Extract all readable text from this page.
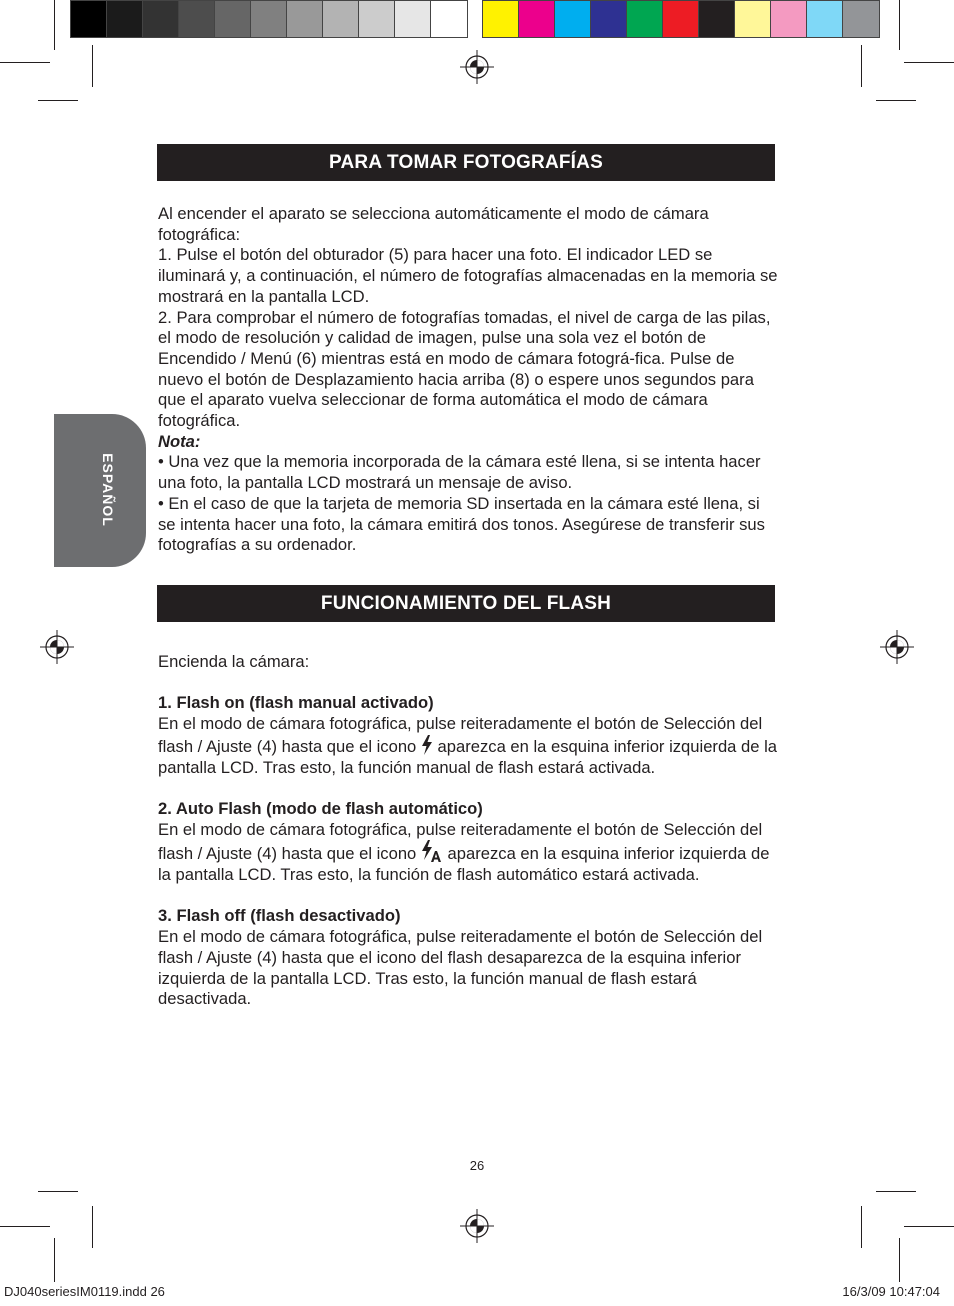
ESPAÑOL
PARA TOMAR FOTOGRAFÍAS

Al encender el aparato se selecciona automáticamente el modo de cámara fotográfica:

1. Pulse el botón del obturador (5) para hacer una foto. El indicador LED se iluminará y, a continuación, el número de fotografías almacenadas en la memoria se mostrará en la pantalla LCD.

2. Para comprobar el número de fotografías tomadas, el nivel de carga de las pilas, el modo de resolución y calidad de imagen, pulse una sola vez el botón de Encendido / Menú (6) mientras está en modo de cámara fotográ-fica. Pulse de nuevo el botón de Desplazamiento hacia arriba (8) o espere unos segundos para que el aparato vuelva seleccionar de forma automática el modo de cámara fotográfica.

Nota:

• Una vez que la memoria incorporada de la cámara esté llena, si se intenta hacer una foto, la pantalla LCD mostrará un mensaje de aviso.

• En el caso de que la tarjeta de memoria SD insertada en la cámara esté llena, si se intenta hacer una foto, la cámara emitirá dos tonos. Asegúrese de transferir sus fotografías a su ordenador.

FUNCIONAMIENTO DEL FLASH

Encienda la cámara:

1. Flash on (flash manual activado)

En el modo de cámara fotográfica, pulse reiteradamente el botón de Selección del flash / Ajuste (4) hasta que el icono aparezca en la esquina inferior izquierda de la pantalla LCD. Tras esto, la función manual de flash estará activada.

2. Auto Flash (modo de flash automático)

En el modo de cámara fotográfica, pulse reiteradamente el botón de Selección del flash / Ajuste (4) hasta que el icono aparezca en la esquina inferior izquierda de la pantalla LCD. Tras esto, la función de flash automático estará activada.

3. Flash off (flash desactivado)

En el modo de cámara fotográfica, pulse reiteradamente el botón de Selección del flash / Ajuste (4) hasta que el icono del flash desaparezca de la esquina inferior izquierda de la pantalla LCD. Tras esto, la función manual de flash estará desactivada.

26
DJ040seriesIM0119.indd 26	16/3/09 10:47:04
